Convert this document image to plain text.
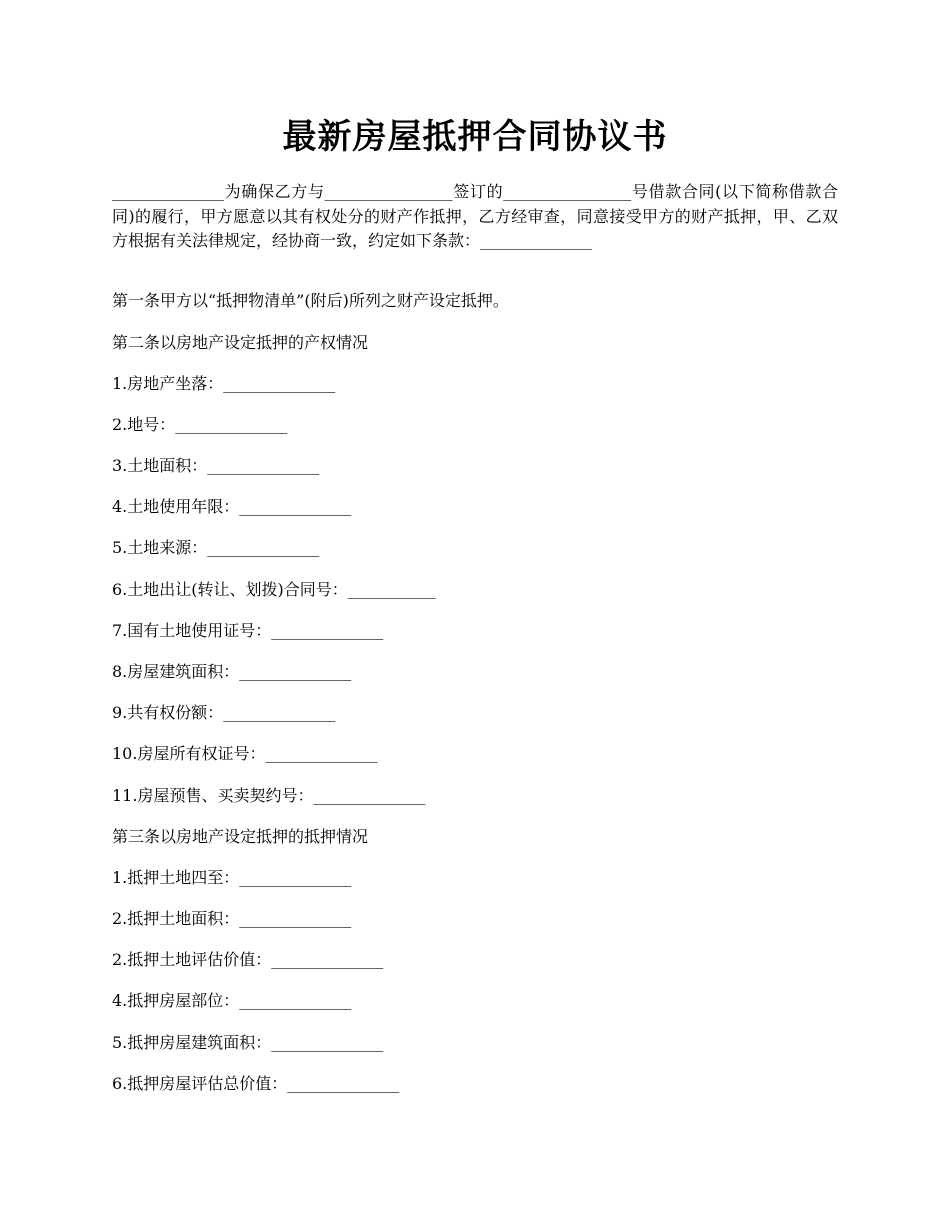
最新房屋抵押合同协议书
______________为确保乙方与________________签订的________________号借款合同(以下简称借款合同)的履行，甲方愿意以其有权处分的财产作抵押，乙方经审查，同意接受甲方的财产抵押，甲、乙双方根据有关法律规定，经协商一致，约定如下条款：______________
第一条甲方以“抵押物清单”(附后)所列之财产设定抵押。
第二条以房地产设定抵押的产权情况
1.房地产坐落：______________
2.地号：______________
3.土地面积：______________
4.土地使用年限：______________
5.土地来源：______________
6.土地出让(转让、划拨)合同号：___________
7.国有土地使用证号：______________
8.房屋建筑面积：______________
9.共有权份额：______________
10.房屋所有权证号：______________
11.房屋预售、买卖契约号：______________
第三条以房地产设定抵押的抵押情况
1.抵押土地四至：______________
2.抵押土地面积：______________
2.抵押土地评估价值：______________
4.抵押房屋部位：______________
5.抵押房屋建筑面积：______________
6.抵押房屋评估总价值：______________
